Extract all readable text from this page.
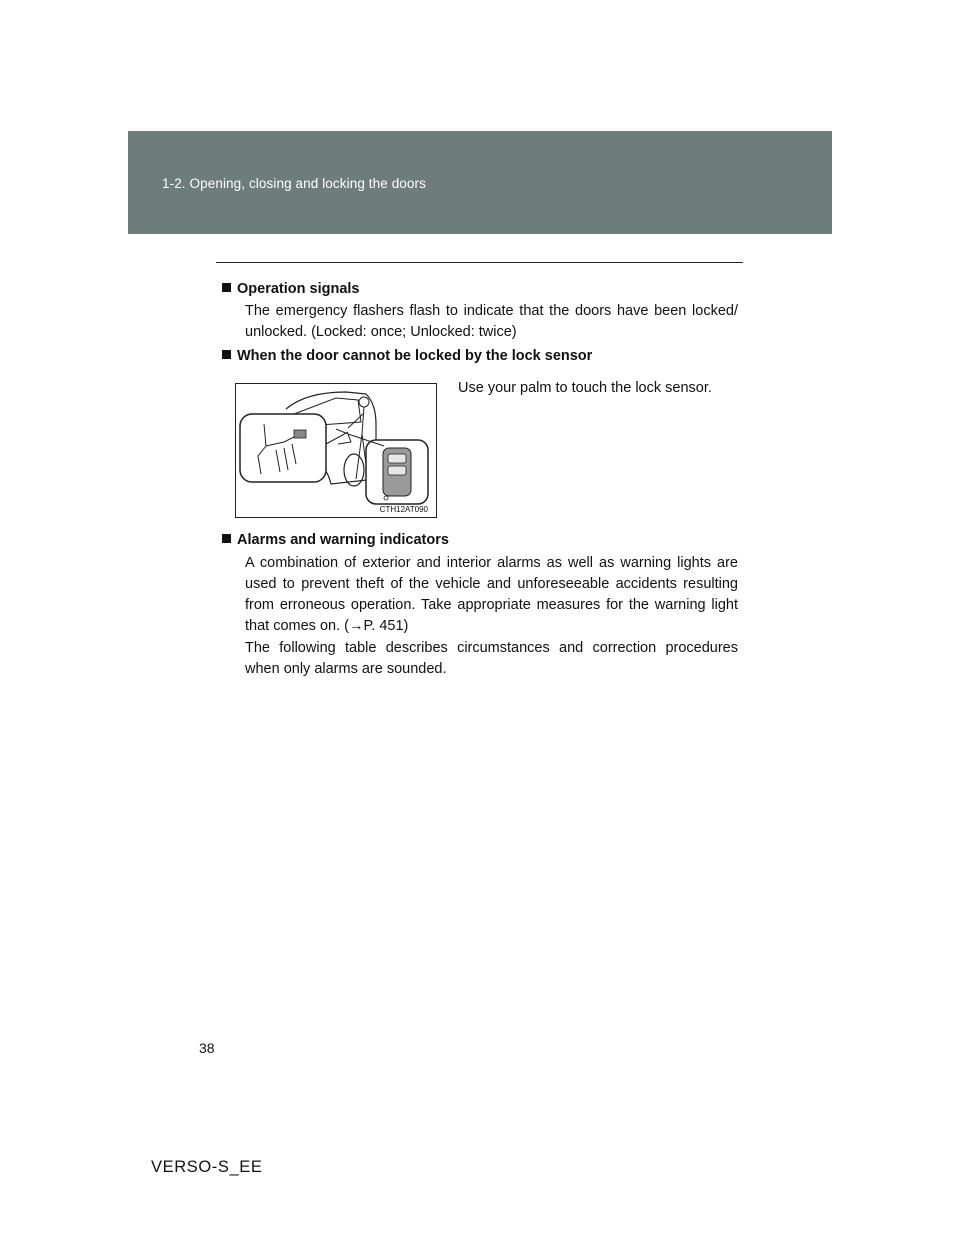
1-2. Opening, closing and locking the doors
Operation signals
The emergency flashers flash to indicate that the doors have been locked/ unlocked. (Locked: once; Unlocked: twice)
When the door cannot be locked by the lock sensor
CTH12AT090
Use your palm to touch the lock sensor.
Alarms and warning indicators
A combination of exterior and interior alarms as well as warning lights are used to prevent theft of the vehicle and unforeseeable accidents resulting from erroneous operation. Take appropriate measures for the warning light that comes on. (→P. 451)
The following table describes circumstances and correction procedures when only alarms are sounded.
38
VERSO-S_EE
